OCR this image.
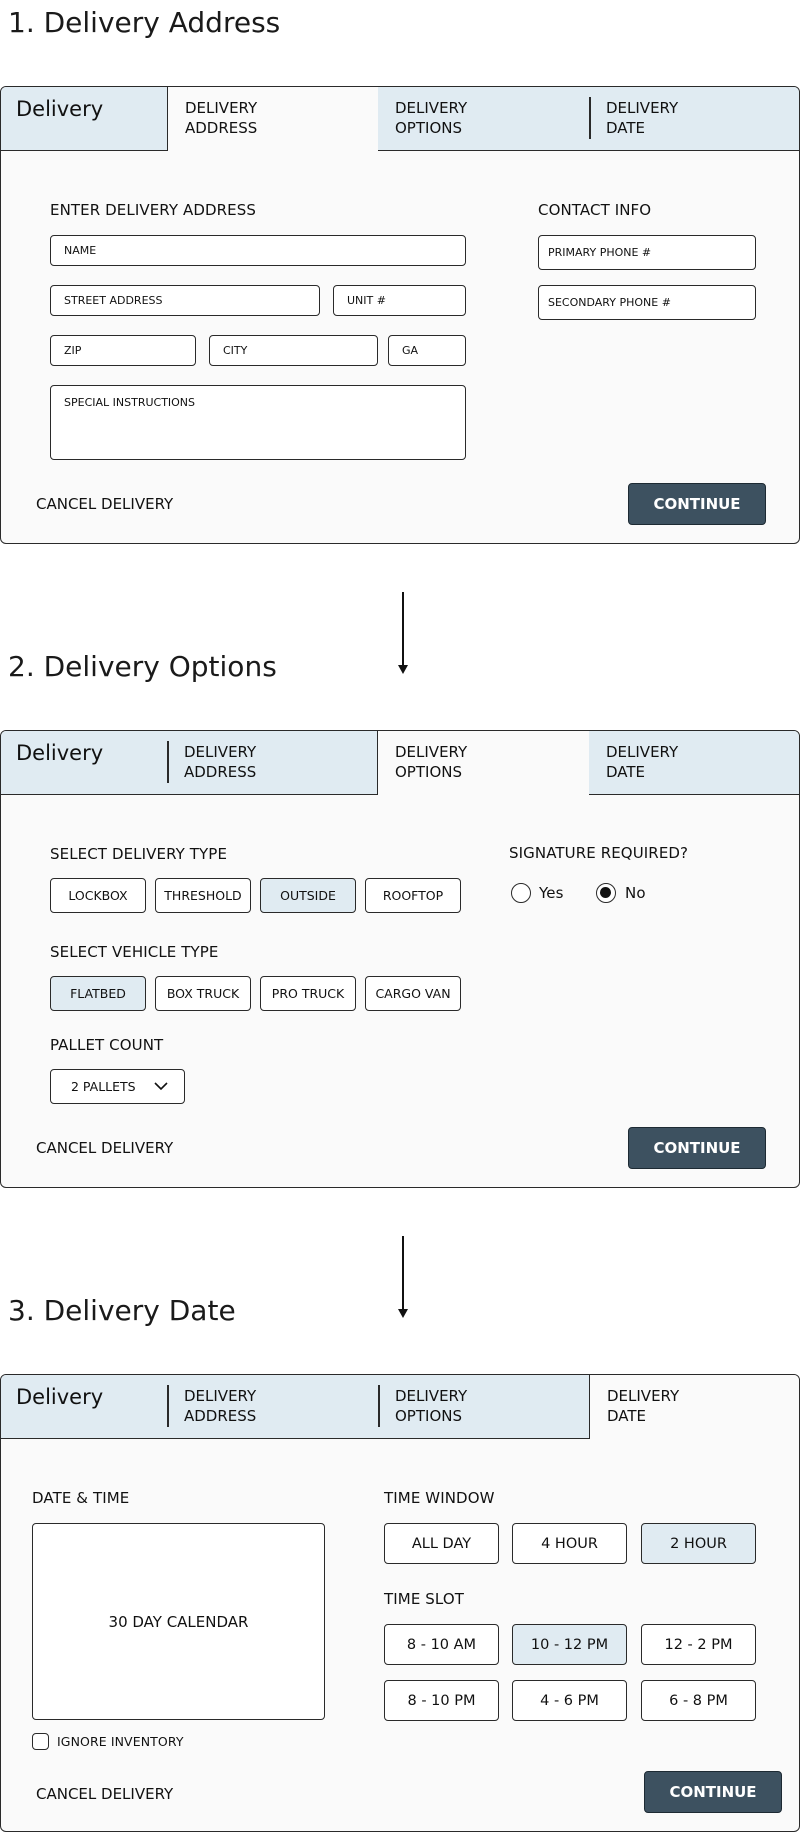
1. Delivery Address
Delivery	DELIVERY
ADDRESS
DELIVERY
OPTIONS
DELIVERY
DATE
ENTER DELIVERY ADDRESS	CONTACT INFO
NAME
STREET ADDRESS	UNIT #
ZIP	CITY	GA
SPECIAL INSTRUCTIONS
PRIMARY PHONE #
SECONDARY PHONE #
CANCEL DELIVERY	CONTINUE
2. Delivery Options
Delivery	DELIVERY
ADDRESS
DELIVERY
OPTIONS
DELIVERY
DATE
SELECT DELIVERY TYPE
LOCKBOX	THRESHOLD	OUTSIDE	ROOFTOP
SELECT VEHICLE TYPE
FLATBED	BOX TRUCK	PRO TRUCK	CARGO VAN
PALLET COUNT
2 PALLETS
SIGNATURE REQUIRED?
Yes	No
CANCEL DELIVERY	CONTINUE
3. Delivery Date
Delivery	DELIVERY
ADDRESS
DELIVERY
OPTIONS
DELIVERY
DATE
DATE & TIME
30 DAY CALENDAR
IGNORE INVENTORY
TIME WINDOW
ALL DAY	4 HOUR	2 HOUR
TIME SLOT
8 - 10 AM	10 - 12 PM	12 - 2 PM
8 - 10 PM	4 - 6 PM	6 - 8 PM
CANCEL DELIVERY	CONTINUE
